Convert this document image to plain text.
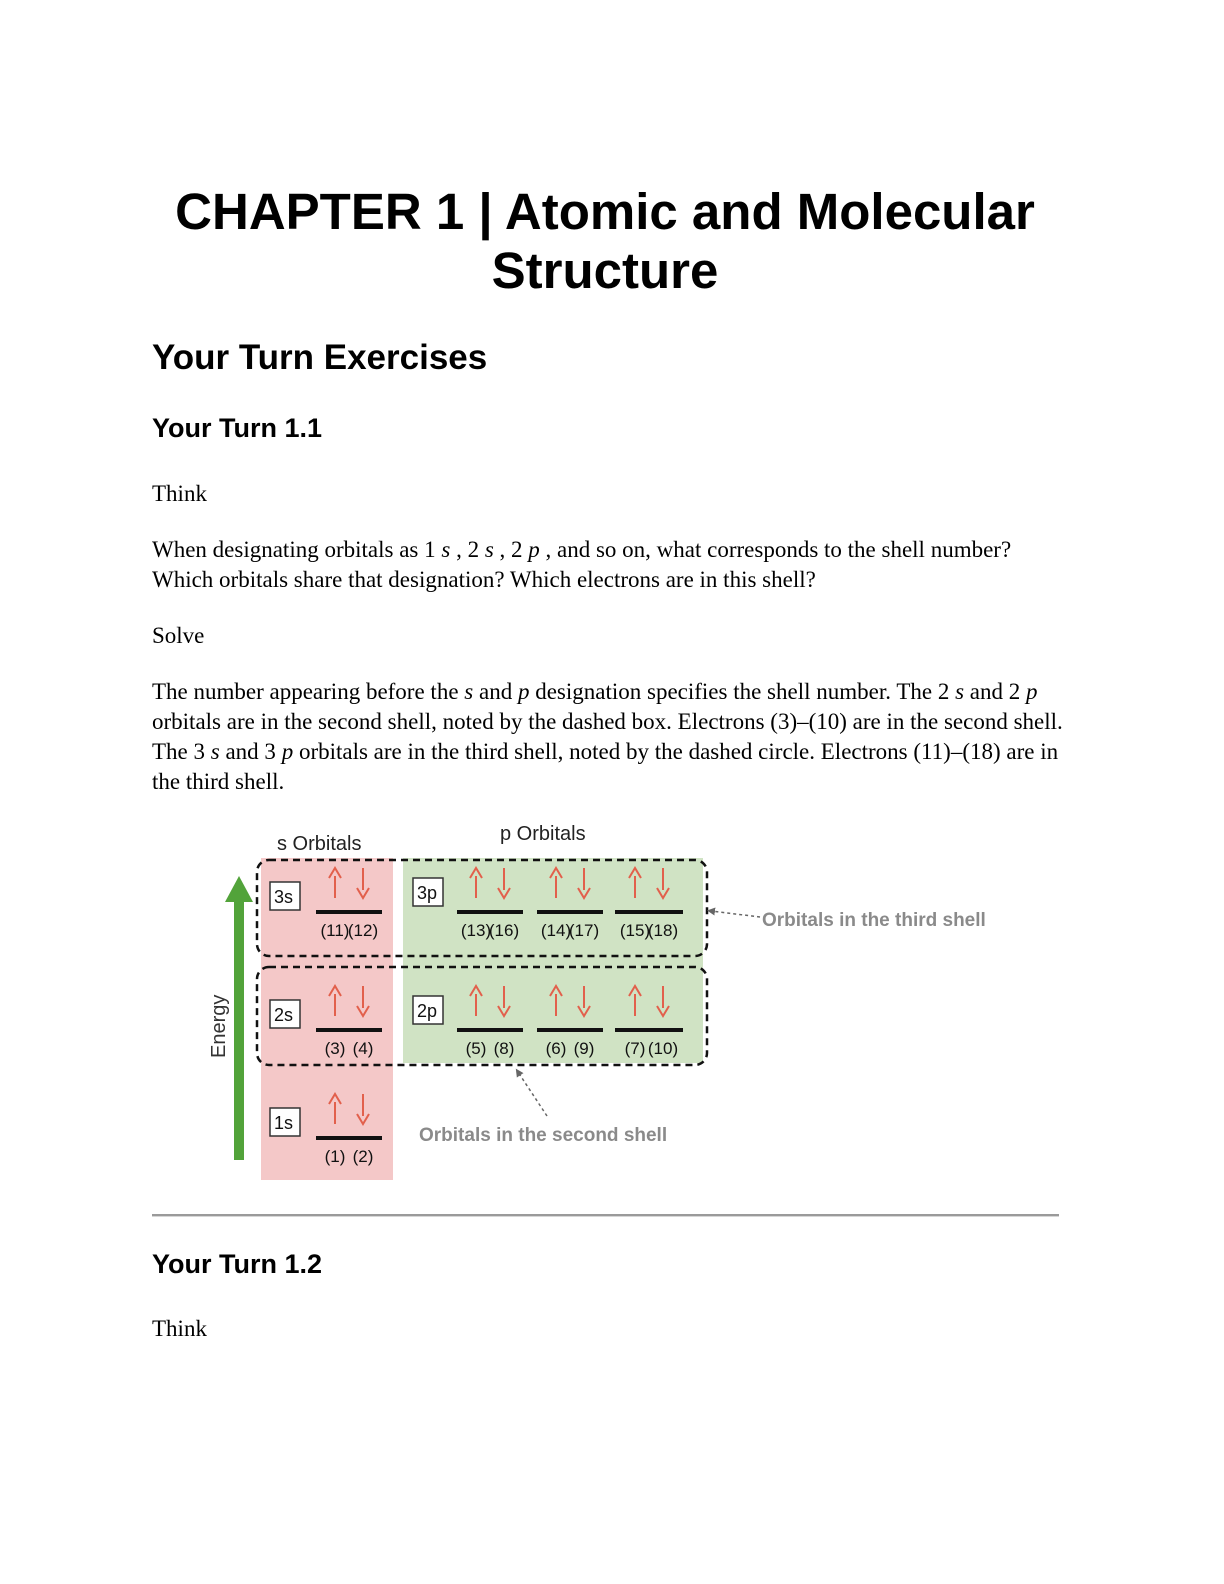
CHAPTER 1 | Atomic and Molecular Structure
Your Turn Exercises
Your Turn 1.1

Think

When designating orbitals as 1 s , 2 s , 2 p , and so on, what corresponds to the shell number? Which orbitals share that designation? Which electrons are in this shell?

Solve

The number appearing before the s and p designation specifies the shell number. The 2 s and 2 p orbitals are in the second shell, noted by the dashed box. Electrons (3)–(10) are in the second shell. The 3 s and 3 p orbitals are in the third shell, noted by the dashed circle. Electrons (11)–(18) are in the third shell.

s Orbitals	p Orbitals
Energy
3s
(11)
(12)
2s
(3) (4)
1s
(1) (2)
3p
(13)
(16) (14)
(17) (15)
(18)
2p
(5) (8) (6) (9) (7) (10)
Orbitals in the third shell
Orbitals in the second shell
Your Turn 1.2

Think
